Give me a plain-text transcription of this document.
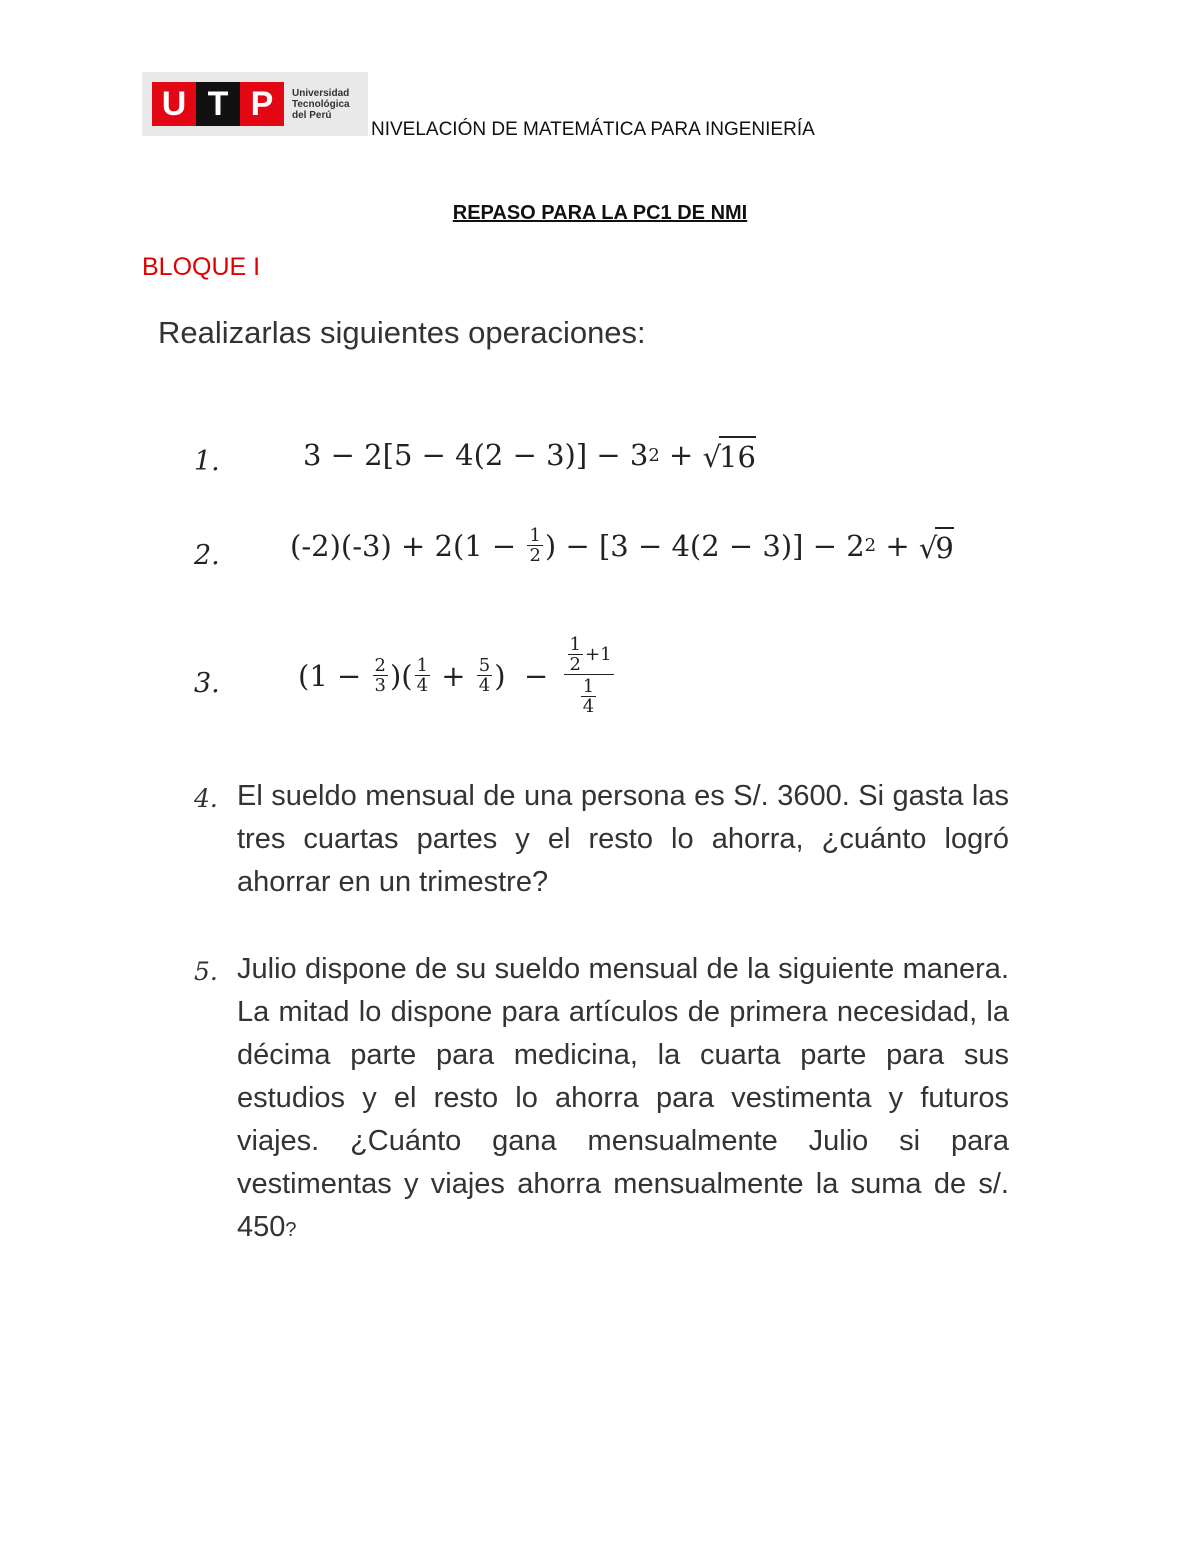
U T P	Universidad
Tecnológica
del Perú
NIVELACIÓN DE MATEMÁTICA PARA INGENIERÍA
REPASO PARA LA PC1 DE NMI
BLOQUE I
Realizarlas siguientes operaciones:
1.	3 − 2[5 − 4(2 − 3)] − 3 2 + √
16
2. $(-2)(-3) + 2(1 - \frac{1}{2}$ ) − [3 − 4(2 − 3)] − 2 2 + √
9
3.	($1 - \frac{2}{3}$ )( $\frac{1}{4} + \frac{5}{4}$ )  −
$\frac{1}{2} +1$
$\frac{1}{4}$
4. El sueldo mensual de una persona es S/. 3600. Si gasta las tres cuartas partes y el resto lo ahorra, ¿cuánto logró ahorrar en un trimestre?
5. Julio dispone de su sueldo mensual de la siguiente manera. La mitad lo dispone para artículos de primera necesidad, la décima parte para medicina, la cuarta parte para sus estudios y el resto lo ahorra para vestimenta y futuros viajes. ¿Cuánto gana mensualmente Julio si para vestimentas y viajes ahorra mensualmente la suma de s/. 450?
